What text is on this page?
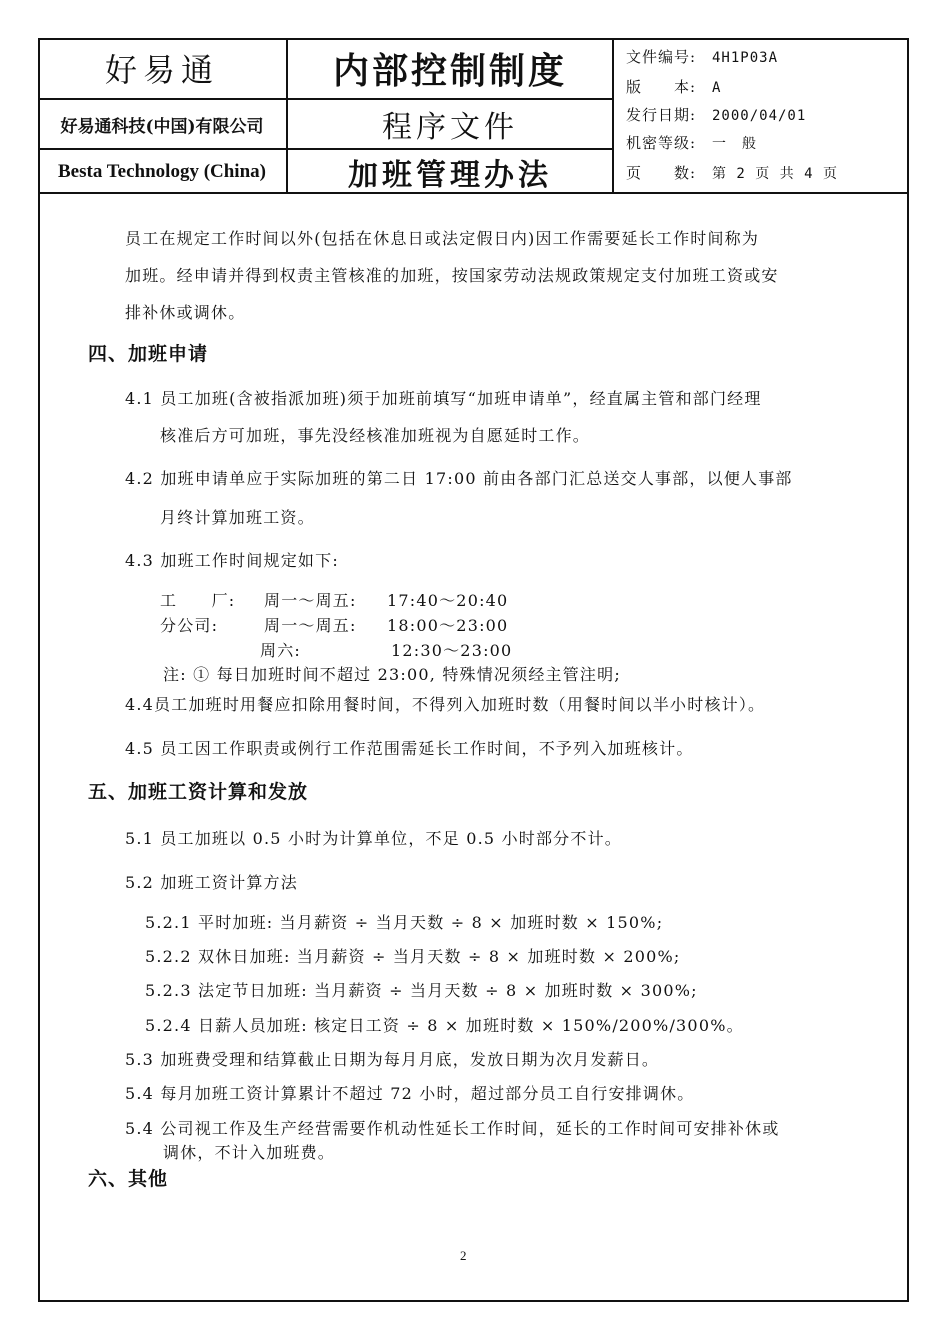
好易通
好易通科技(中国)有限公司
Besta Technology (China)
内部控制制度
程序文件
加班管理办法
文件编号: 4H1P03A
版　　本: A
发行日期: 2000/04/01
机密等级: 一　般
页　　数: 第 2 页 共 4 页
员工在规定工作时间以外(包括在休息日或法定假日内)因工作需要延长工作时间称为
加班。经申请并得到权责主管核准的加班，按国家劳动法规政策规定支付加班工资或安
排补休或调休。
四、加班申请
4.1 员工加班(含被指派加班)须于加班前填写“加班申请单”，经直属主管和部门经理
核准后方可加班，事先没经核准加班视为自愿延时工作。
4.2 加班申请单应于实际加班的第二日 17:00 前由各部门汇总送交人事部，以便人事部
月终计算加班工资。
4.3 加班工作时间规定如下:
工　　厂: 周一～周五: 17:40～20:40
分公司:	周一～周五: 18:00～23:00
周六:	12:30～23:00
注: ① 每日加班时间不超过 23:00, 特殊情况须经主管注明;
4.4员工加班时用餐应扣除用餐时间，不得列入加班时数（用餐时间以半小时核计）。
4.5 员工因工作职责或例行工作范围需延长工作时间，不予列入加班核计。
五、加班工资计算和发放
5.1 员工加班以 0.5 小时为计算单位，不足 0.5 小时部分不计。
5.2 加班工资计算方法
5.2.1 平时加班: 当月薪资 ÷ 当月天数 ÷ 8 × 加班时数 × 150%;
5.2.2 双休日加班: 当月薪资 ÷ 当月天数 ÷ 8 × 加班时数 × 200%;
5.2.3 法定节日加班: 当月薪资 ÷ 当月天数 ÷ 8 × 加班时数 × 300%;
5.2.4 日薪人员加班: 核定日工资 ÷ 8 × 加班时数 × 150%/200%/300%。
5.3 加班费受理和结算截止日期为每月月底，发放日期为次月发薪日。
5.4 每月加班工资计算累计不超过 72 小时，超过部分员工自行安排调休。
5.4 公司视工作及生产经营需要作机动性延长工作时间，延长的工作时间可安排补休或
调休，不计入加班费。
六、其他
2
